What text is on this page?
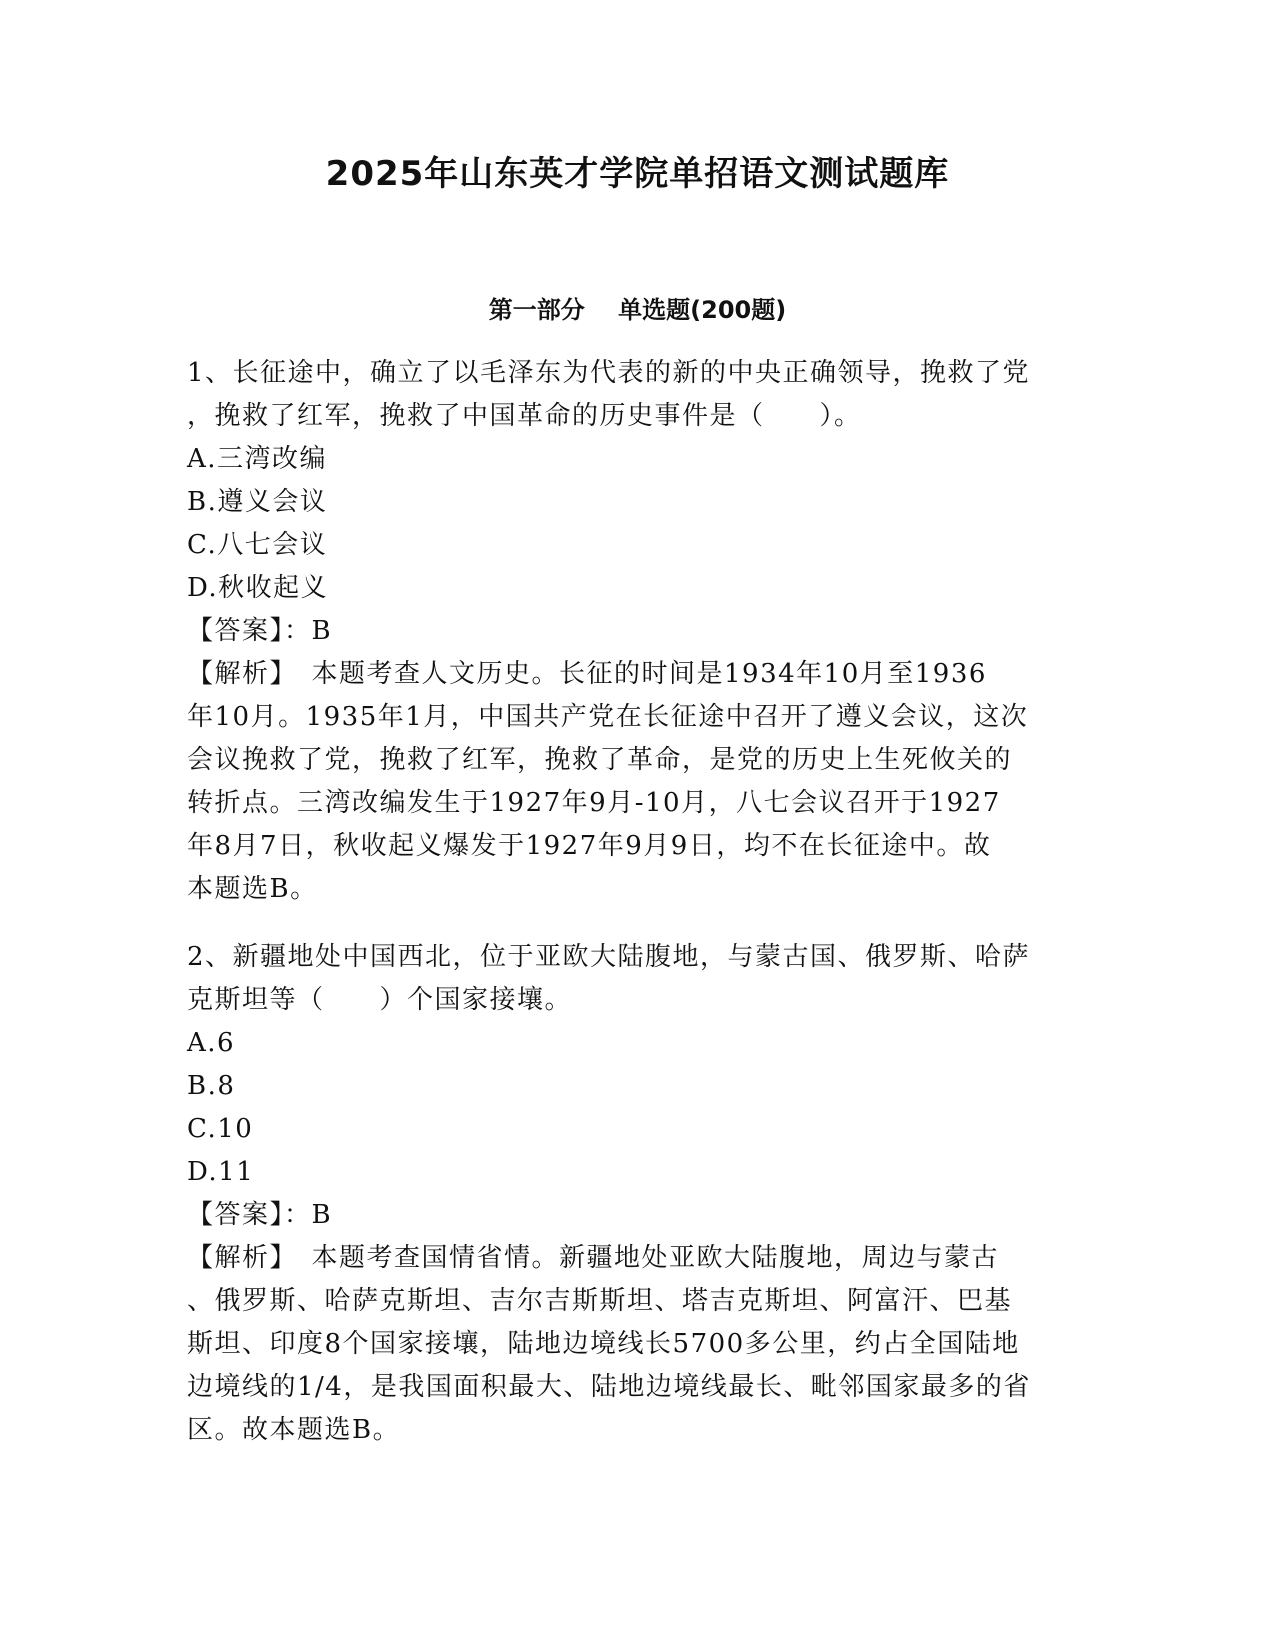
2025年山东英才学院单招语文测试题库
第一部分    单选题(200题)
1、长征途中，确立了以毛泽东为代表的新的中央正确领导，挽救了党
，挽救了红军，挽救了中国革命的历史事件是（　　）。
A.三湾改编
B.遵义会议
C.八七会议
D.秋收起义
【答案】：B
【解析】　本题考查人文历史。长征的时间是1934年10月至1936
年10月。1935年1月，中国共产党在长征途中召开了遵义会议，这次
会议挽救了党，挽救了红军，挽救了革命，是党的历史上生死攸关的
转折点。三湾改编发生于1927年9月-10月，八七会议召开于1927
年8月7日，秋收起义爆发于1927年9月9日，均不在长征途中。故
本题选B。
2、新疆地处中国西北，位于亚欧大陆腹地，与蒙古国、俄罗斯、哈萨
克斯坦等（　　）个国家接壤。
A.6
B.8
C.10
D.11
【答案】：B
【解析】　本题考查国情省情。新疆地处亚欧大陆腹地，周边与蒙古
、俄罗斯、哈萨克斯坦、吉尔吉斯斯坦、塔吉克斯坦、阿富汗、巴基
斯坦、印度8个国家接壤，陆地边境线长5700多公里，约占全国陆地
边境线的1/4，是我国面积最大、陆地边境线最长、毗邻国家最多的省
区。故本题选B。
